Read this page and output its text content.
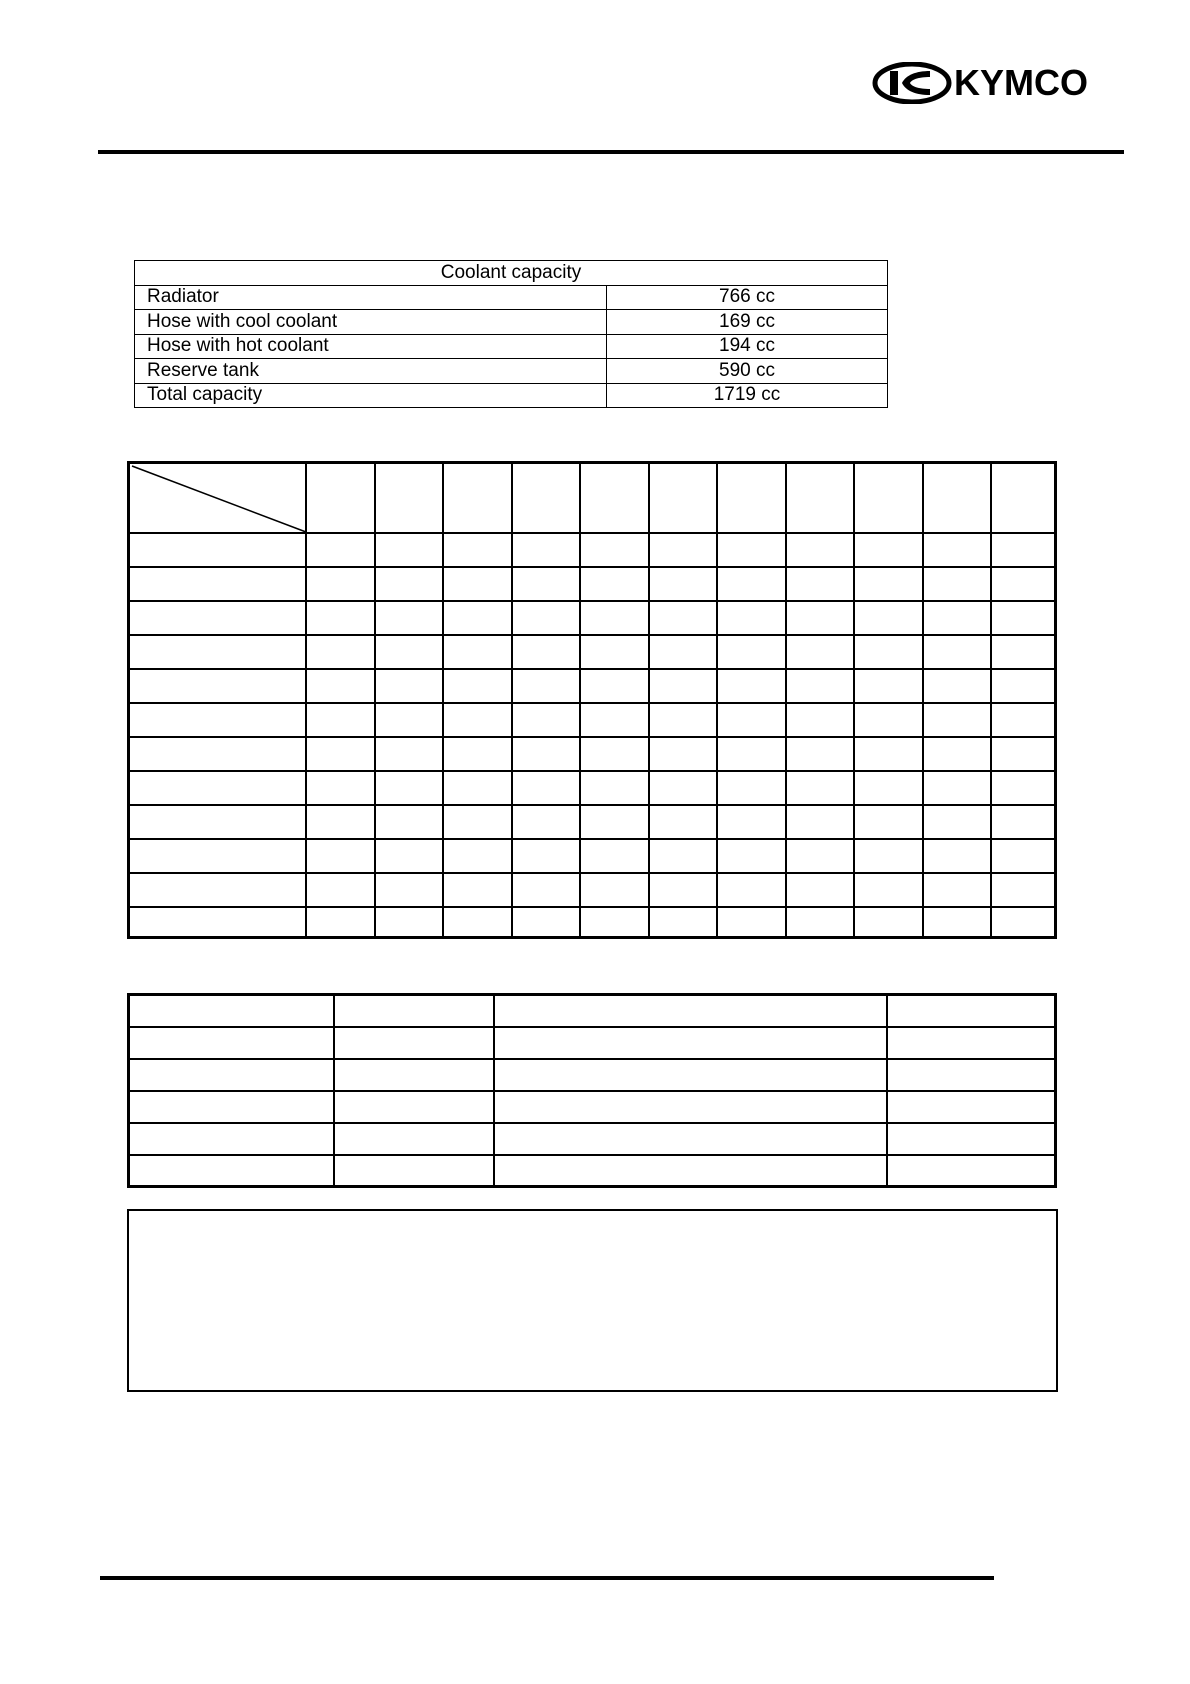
KYMCO
Coolant capacity	
Radiator	766 cc
Hose with cool coolant	169 cc
Hose with hot coolant	194 cc
Reserve tank	590 cc
Total capacity	1719 cc
